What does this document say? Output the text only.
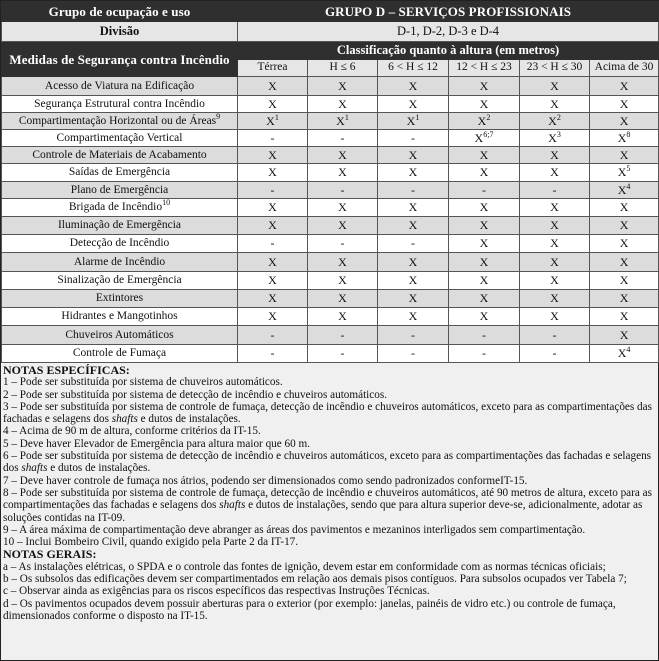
Grupo de ocupação e uso	GRUPO D – SERVIÇOS PROFISSIONAIS					
Divisão	D-1, D-2, D-3 e D-4					
Medidas de Segurança contra Incêndio	Classificação quanto à altura (em metros)					
	Térrea	H ≤ 6	6 < H ≤ 12	12 < H ≤ 23	23 < H ≤ 30	Acima de 30
Acesso de Viatura na Edificação	X	X	X	X	X	X
Segurança Estrutural contra Incêndio	X	X	X	X	X	X
Compartimentação Horizontal ou de Áreas$^9$	$X^1$	$X^1$	$X^1$	$X^2$	$X^2$	X
Compartimentação Vertical	-	-	-	$X^{6;7}$	$X^3$	$X^8$
Controle de Materiais de Acabamento	X	X	X	X	X	X
Saídas de Emergência	X	X	X	X	X	$X^5$
Plano de Emergência	-	-	-	-	-	$X^4$
Brigada de Incêndio$^{10}$	X	X	X	X	X	X
Iluminação de Emergência	X	X	X	X	X	X
Detecção de Incêndio	-	-	-	X	X	X
Alarme de Incêndio	X	X	X	X	X	X
Sinalização de Emergência	X	X	X	X	X	X
Extintores	X	X	X	X	X	X
Hidrantes e Mangotinhos	X	X	X	X	X	X
Chuveiros Automáticos	-	-	-	-	-	X
Controle de Fumaça	-	-	-	-	-	$X^4$

NOTAS ESPECÍFICAS:

1 – Pode ser substituída por sistema de chuveiros automáticos.

2 – Pode ser substituída por sistema de detecção de incêndio e chuveiros automáticos.

3 – Pode ser substituída por sistema de controle de fumaça, detecção de incêndio e chuveiros automáticos, exceto para as compartimentações das fachadas e selagens dos shafts e dutos de instalações.

4 – Acima de 90 m de altura, conforme critérios da IT-15.

5 – Deve haver Elevador de Emergência para altura maior que 60 m.

6 – Pode ser substituída por sistema de detecção de incêndio e chuveiros automáticos, exceto para as compartimentações das fachadas e selagens dos shafts e dutos de instalações.

7 – Deve haver controle de fumaça nos átrios, podendo ser dimensionados como sendo padronizados conformeIT-15.

8 – Pode ser substituída por sistema de controle de fumaça, detecção de incêndio e chuveiros automáticos, até 90 metros de altura, exceto para as compartimentações das fachadas e selagens dos shafts e dutos de instalações, sendo que para altura superior deve-se, adicionalmente, adotar as soluções contidas na IT-09.

9 – A área máxima de compartimentação deve abranger as áreas dos pavimentos e mezaninos interligados sem compartimentação.

10 – Inclui Bombeiro Civil, quando exigido pela Parte 2 da IT-17.

NOTAS GERAIS:

a – As instalações elétricas, o SPDA e o controle das fontes de ignição, devem estar em conformidade com as normas técnicas oficiais;

b – Os subsolos das edificações devem ser compartimentados em relação aos demais pisos contíguos. Para subsolos ocupados ver Tabela 7;

c – Observar ainda as exigências para os riscos específicos das respectivas Instruções Técnicas.

d – Os pavimentos ocupados devem possuir aberturas para o exterior (por exemplo: janelas, painéis de vidro etc.) ou controle de fumaça, dimensionados conforme o disposto na IT-15.
